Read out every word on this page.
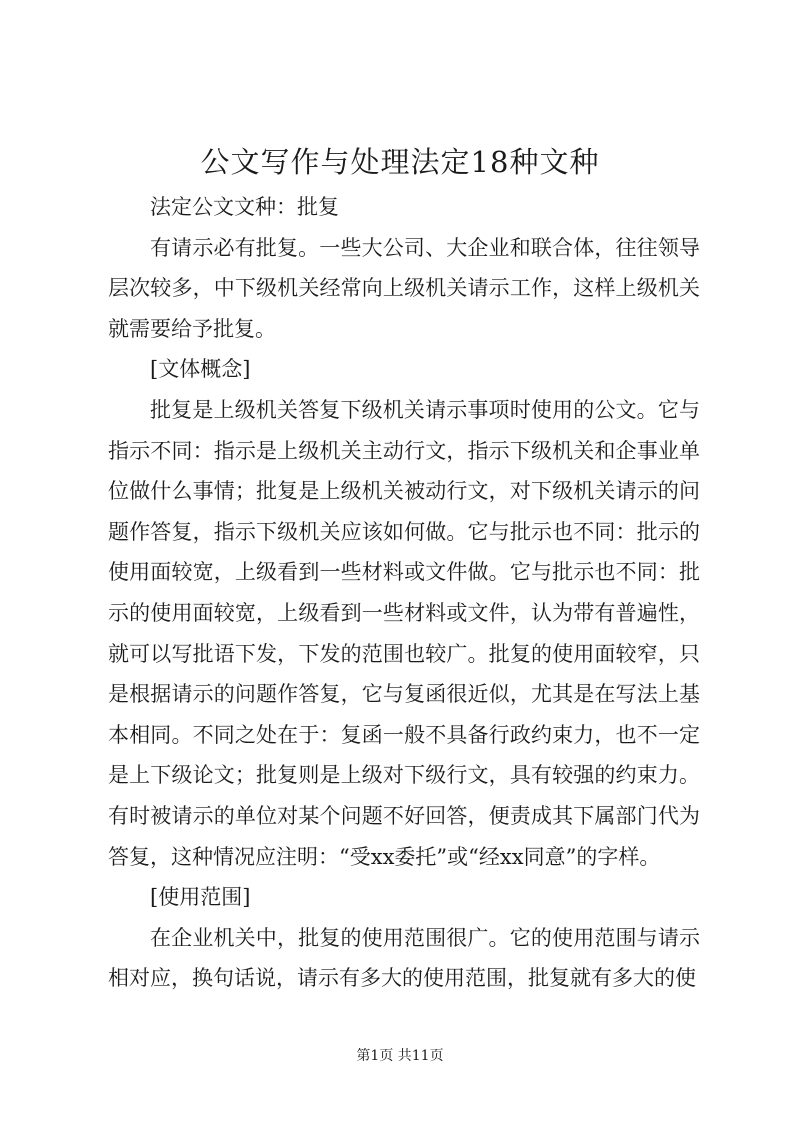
公文写作与处理法定18种文种

法定公文文种：批复

有请示必有批复。一些大公司、大企业和联合体，往往领导层次较多，中下级机关经常向上级机关请示工作，这样上级机关就需要给予批复。

[文体概念]

批复是上级机关答复下级机关请示事项时使用的公文。它与指示不同：指示是上级机关主动行文，指示下级机关和企事业单位做什么事情；批复是上级机关被动行文，对下级机关请示的问题作答复，指示下级机关应该如何做。它与批示也不同：批示的使用面较宽，上级看到一些材料或文件做。它与批示也不同：批示的使用面较宽，上级看到一些材料或文件，认为带有普遍性，就可以写批语下发，下发的范围也较广。批复的使用面较窄，只是根据请示的问题作答复，它与复函很近似，尤其是在写法上基本相同。不同之处在于：复函一般不具备行政约束力，也不一定是上下级论文；批复则是上级对下级行文，具有较强的约束力。有时被请示的单位对某个问题不好回答，便责成其下属部门代为答复，这种情况应注明：“受xx委托”或“经xx同意”的字样。

[使用范围]

在企业机关中，批复的使用范围很广。它的使用范围与请示相对应，换句话说，请示有多大的使用范围，批复就有多大的使

第1页 共11页
